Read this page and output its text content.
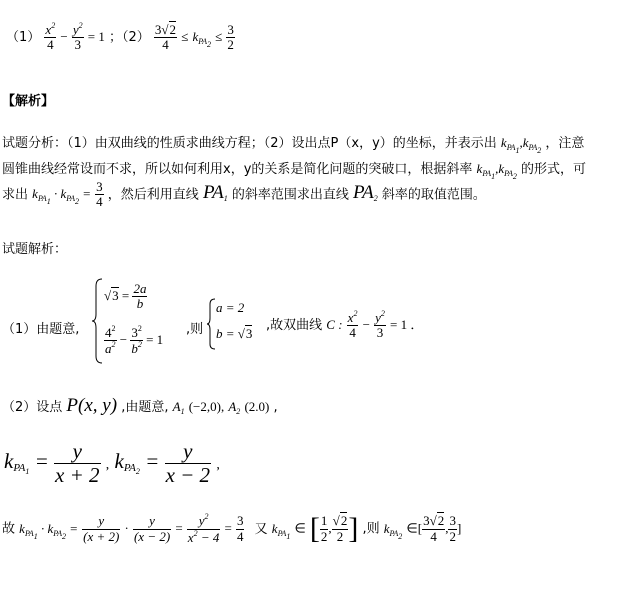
$(1) \frac{x^2}{4} - \frac{y^2}{3} = 1$ ；$(2) \frac{3√2}{4} \le k_{PA_2} \le \frac{3}{2}$
【解析】
试题分析：（1）由双曲线的性质求曲线方程；（2）设出点P（x，y）的坐标，并表示出 $k_{PA_1},k_{PA_2}$ ，注意
圆锥曲线经常设而不求，所以如何利用x，y的关系是简化问题的突破口，根据斜率 $k_{PA_1},k_{PA_2}$ 的形式，可
求出 $k_{PA_1} \cdot k_{PA_2} = \frac{3}{4}$ ，然后利用直线 $PA_1$ 的斜率范围求出直线 $PA_2$ 斜率的取值范围。
试题解析：
（1）由题意,
$√3 = \frac{2a}{b}$
$\frac{4^2}{a^2} - \frac{3^2}{b^2} = 1$
,则
a = 2
b = √3
,故双曲线 C : $\frac{x^2}{4} - \frac{y^2}{3} = 1$ ．
（2）设点 P(x, y) ,由题意, $A_1$ (−2,0), $A_2$ (2.0) ,
$k_{PA_1} = \frac{y}{x + 2}$ , $k_{PA_2} = \frac{y}{x - 2}$ ,
故 $k_{PA_1} \cdot k_{PA_2} = \frac{y}{(x + 2)} \cdot \frac{y}{(x - 2)} = \frac{y^2}{x^2 - 4} = \frac{3}{4}$ 又 $k_{PA_1}$ ∈ [ $\frac{1}{2}$ , $\frac{√2}{2}$ ] ,则 $k_{PA_2}$ ∈[ $\frac{3√2}{4}$ , $\frac{3}{2}$ ]
